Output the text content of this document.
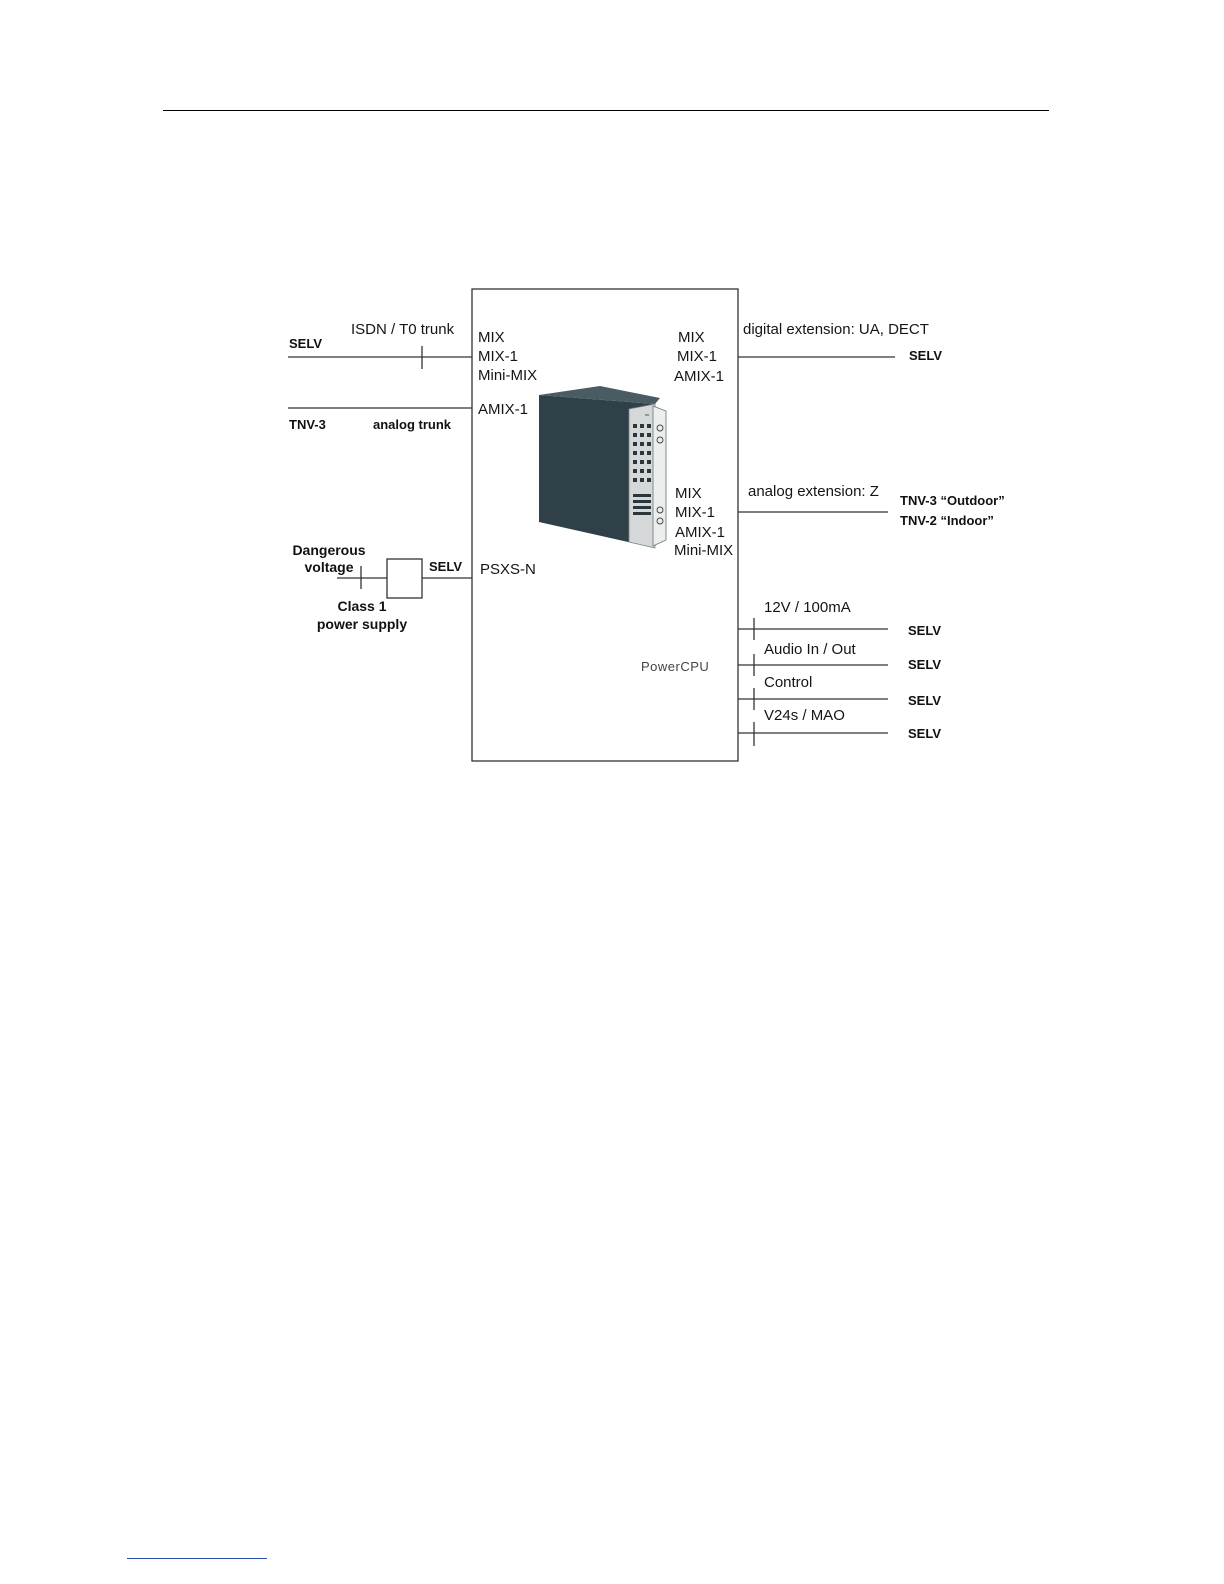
ISDN / T0 trunk
SELV
TNV-3	analog trunk
Dangerous
voltage	SELV
Class 1
power supply
MIX
MIX-1
Mini-MIX
AMIX-1
PSXS-N
MIX
MIX-1
AMIX-1
MIX
MIX-1
AMIX-1
Mini-MIX
PowerCPU
digital extension: UA, DECT
SELV
analog extension: Z
TNV-3 “Outdoor”
TNV-2 “Indoor”
12V / 100mA
SELV
Audio In / Out
SELV
Control
SELV
V24s / MAO
SELV
